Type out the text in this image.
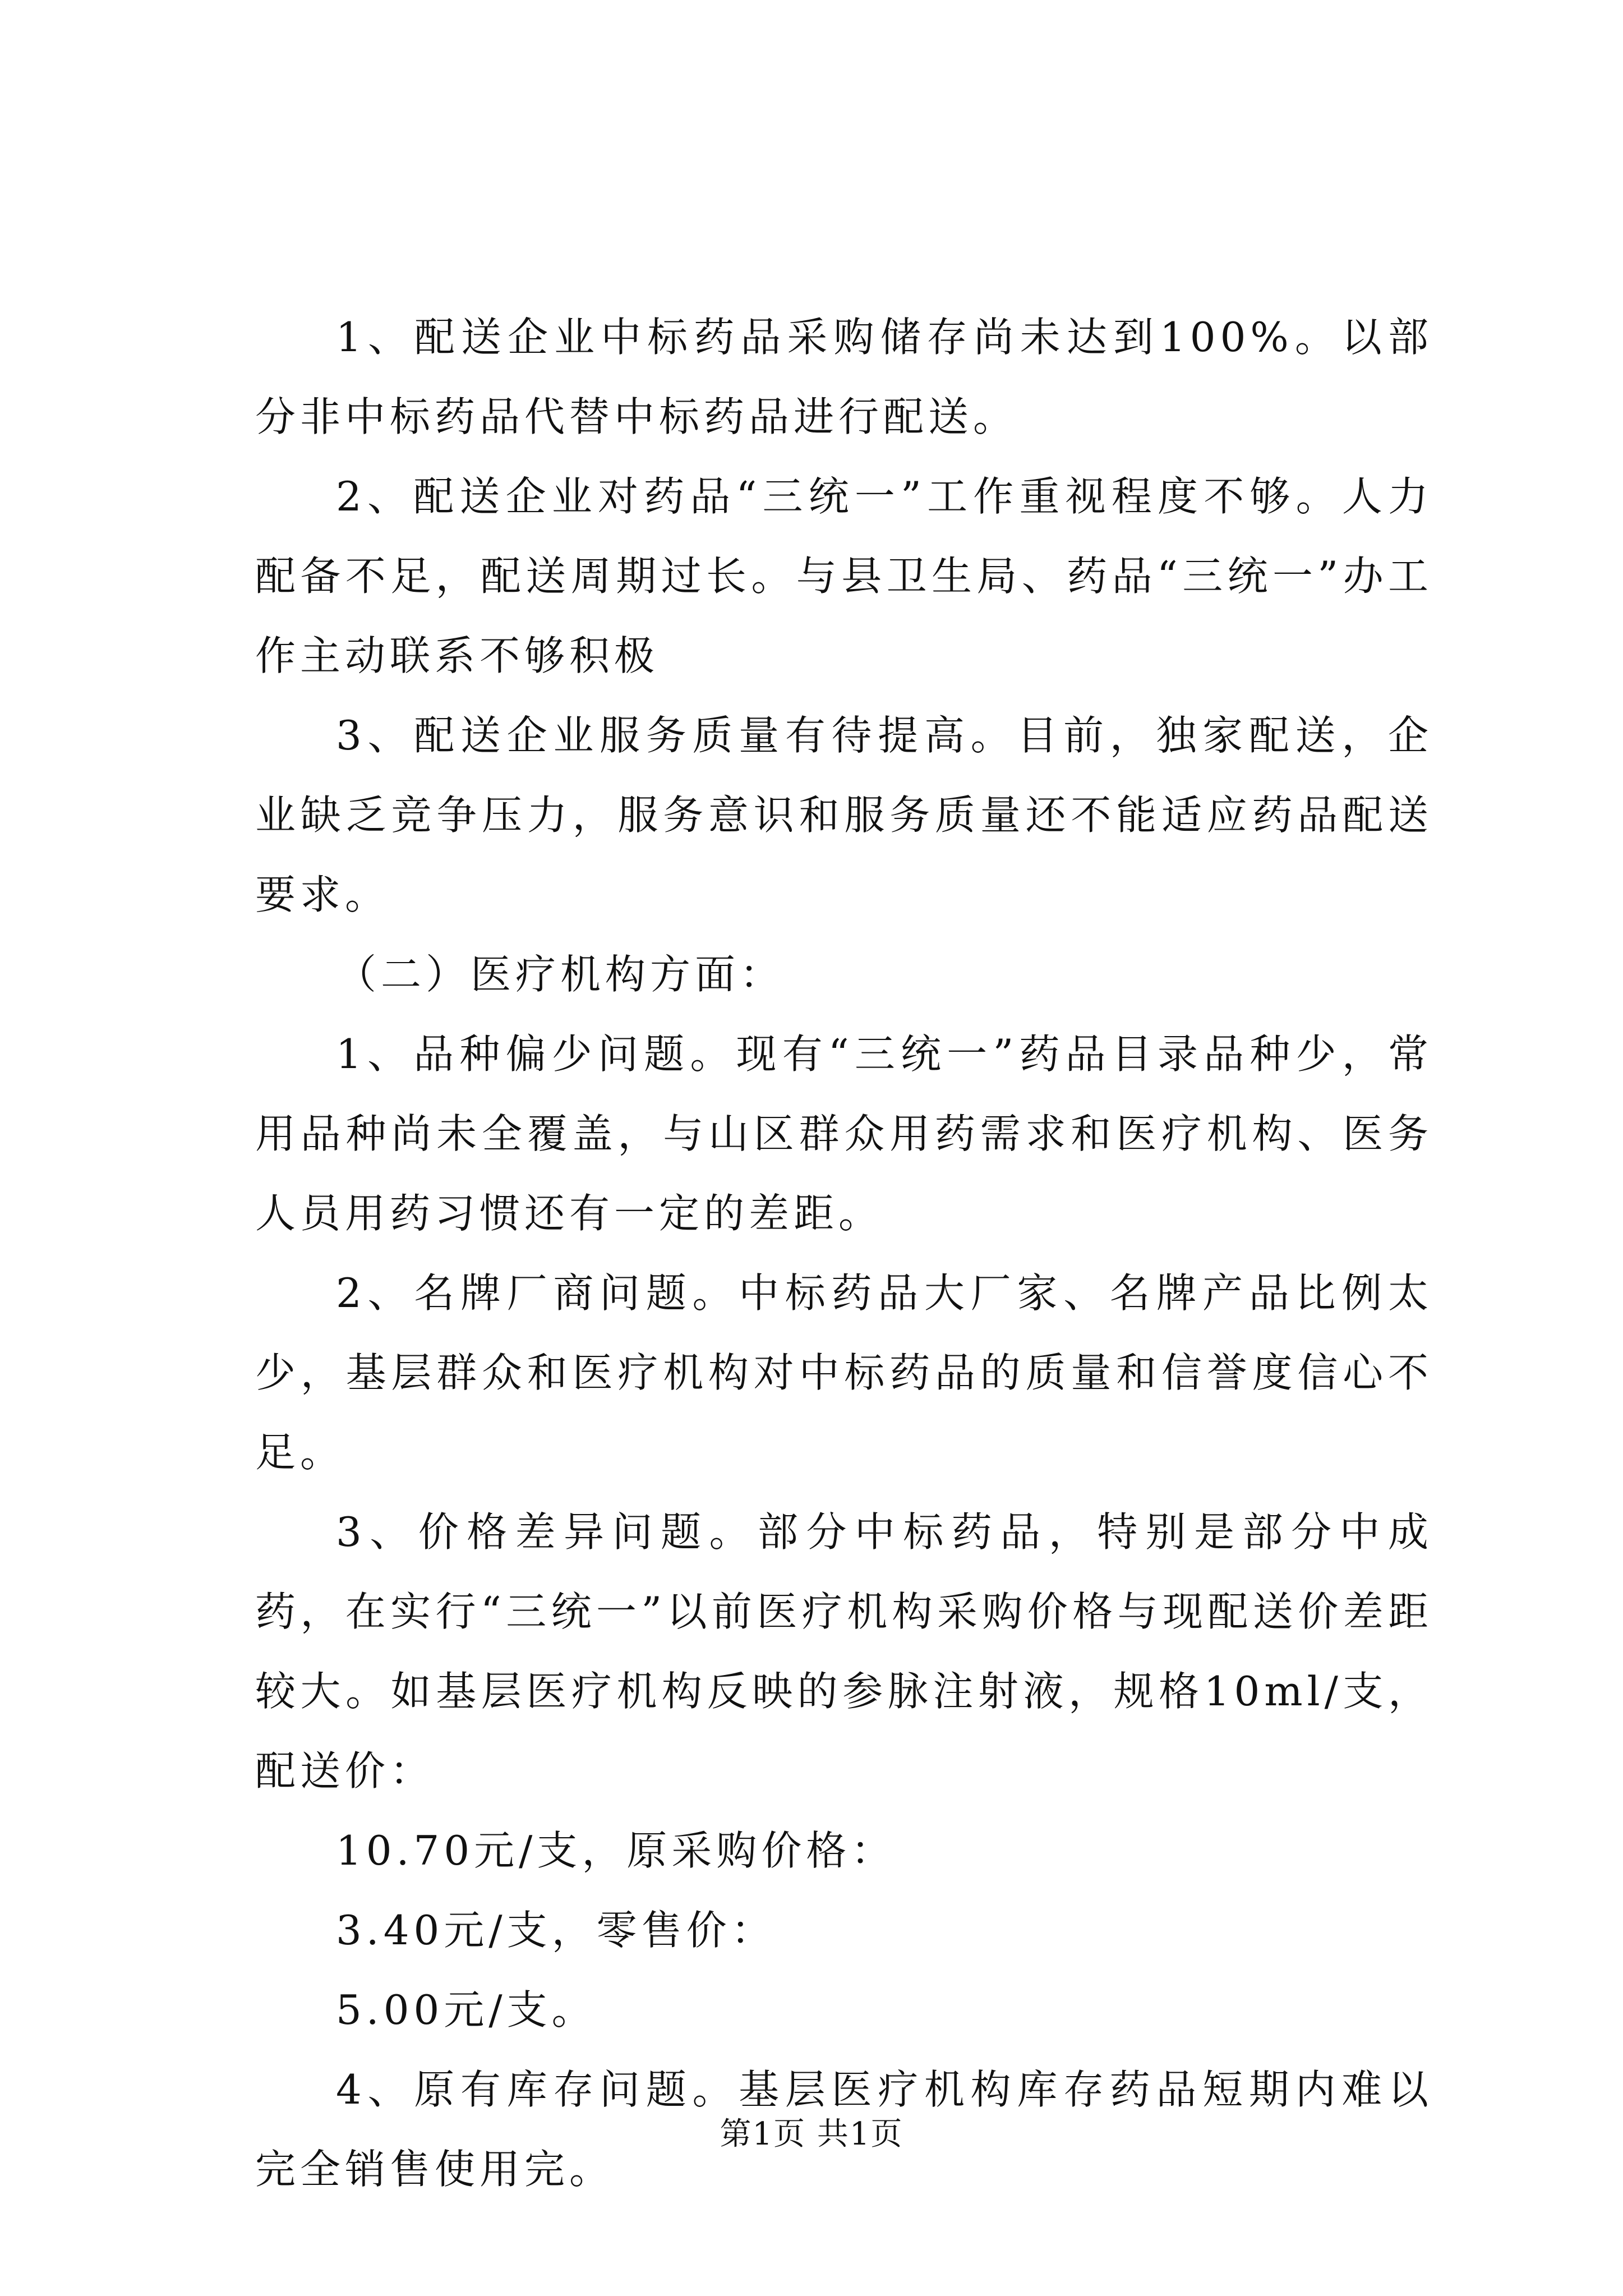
1、配送企业中标药品采购储存尚未达到100%。以部分非中标药品代替中标药品进行配送。

2、配送企业对药品“三统一”工作重视程度不够。人力配备不足，配送周期过长。与县卫生局、药品“三统一”办工作主动联系不够积极

3、配送企业服务质量有待提高。目前，独家配送，企业缺乏竞争压力，服务意识和服务质量还不能适应药品配送要求。

（二）医疗机构方面：

1、品种偏少问题。现有“三统一”药品目录品种少，常用品种尚未全覆盖，与山区群众用药需求和医疗机构、医务人员用药习惯还有一定的差距。

2、名牌厂商问题。中标药品大厂家、名牌产品比例太少，基层群众和医疗机构对中标药品的质量和信誉度信心不足。

3、价格差异问题。部分中标药品，特别是部分中成药，在实行“三统一”以前医疗机构采购价格与现配送价差距较大。如基层医疗机构反映的参脉注射液，规格10ml/支，配送价：

10.70元/支，原采购价格：

3.40元/支，零售价：

5.00元/支。

4、原有库存问题。基层医疗机构库存药品短期内难以完全销售使用完。

第1页 共1页
